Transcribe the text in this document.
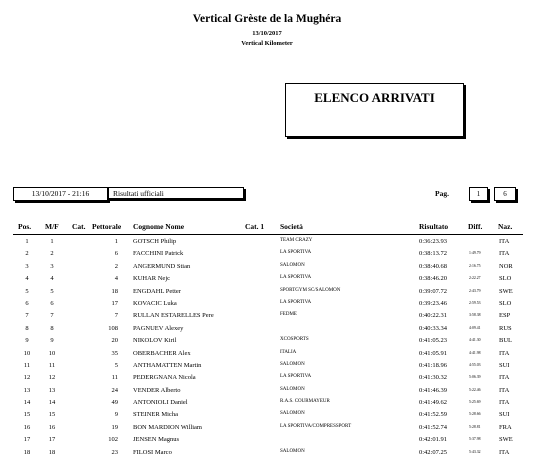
Vertical Grèste de la Mughéra
13/10/2017
Vertical Kilometer
ELENCO ARRIVATI
13/10/2017 - 21:16	Risultati ufficiali	Pag.	1	6
Pos. M/F Cat. Pettorale Cognome Nome	Cat. 1 Società	Risultato	Diff. Naz.
1	1	1 GOTSCH Philip	TEAM CRAZY	0:36:23.93	ITA
2	2	6 FACCHINI Patrick	LA SPORTIVA	0:38:13.72	1:49.79	ITA
3	3	2 ANGERMUND Stian	SALOMON	0:38:40.68	2:16.75	NOR
4	4	4 KUHAR Nejc	LA SPORTIVA	0:38:46.20	2:22.27	SLO
5	5	18 ENGDAHL Petter	SPORTGYM SC/SALOMON	0:39:07.72	2:43.79	SWE
6	6	17 KOVACIC Luka	LA SPORTIVA	0:39:23.46	2:59.53	SLO
7	7	7 RULLAN ESTARELLES Pere	FEDME	0:40:22.31	3:58.38	ESP
8	8	108 PAGNUEV Alexey	0:40:33.34	4:09.41	RUS
9	9	20 NIKOLOV Kiril	XCOSPORTS	0:41:05.23	4:41.30	BUL
10	10	35 OBERBACHER Alex	ITALIA	0:41:05.91	4:41.98	ITA
11	11	5 ANTHAMATTEN Martin	SALOMON	0:41:18.96	4:55.03	SUI
12	12	11 PEDERGNANA Nicola	LA SPORTIVA	0:41:30.32	5:06.39	ITA
13	13	24 VENDER Alberto	SALOMON	0:41:46.39	5:22.46	ITA
14	14	49 ANTONIOLI Daniel	R.A.S. COURMAYEUR	0:41:49.62	5:25.69	ITA
15	15	9 STEINER Micha	SALOMON	0:41:52.59	5:28.66	SUI
16	16	19 BON MARDION William	LA SPORTIVA/COMPRESSPORT	0:41:52.74	5:28.81	FRA
17	17	102 JENSEN Magnus	0:42:01.91	5:37.98	SWE
18	18	23 FILOSI Marco	SALOMON	0:42:07.25	5:43.32	ITA
